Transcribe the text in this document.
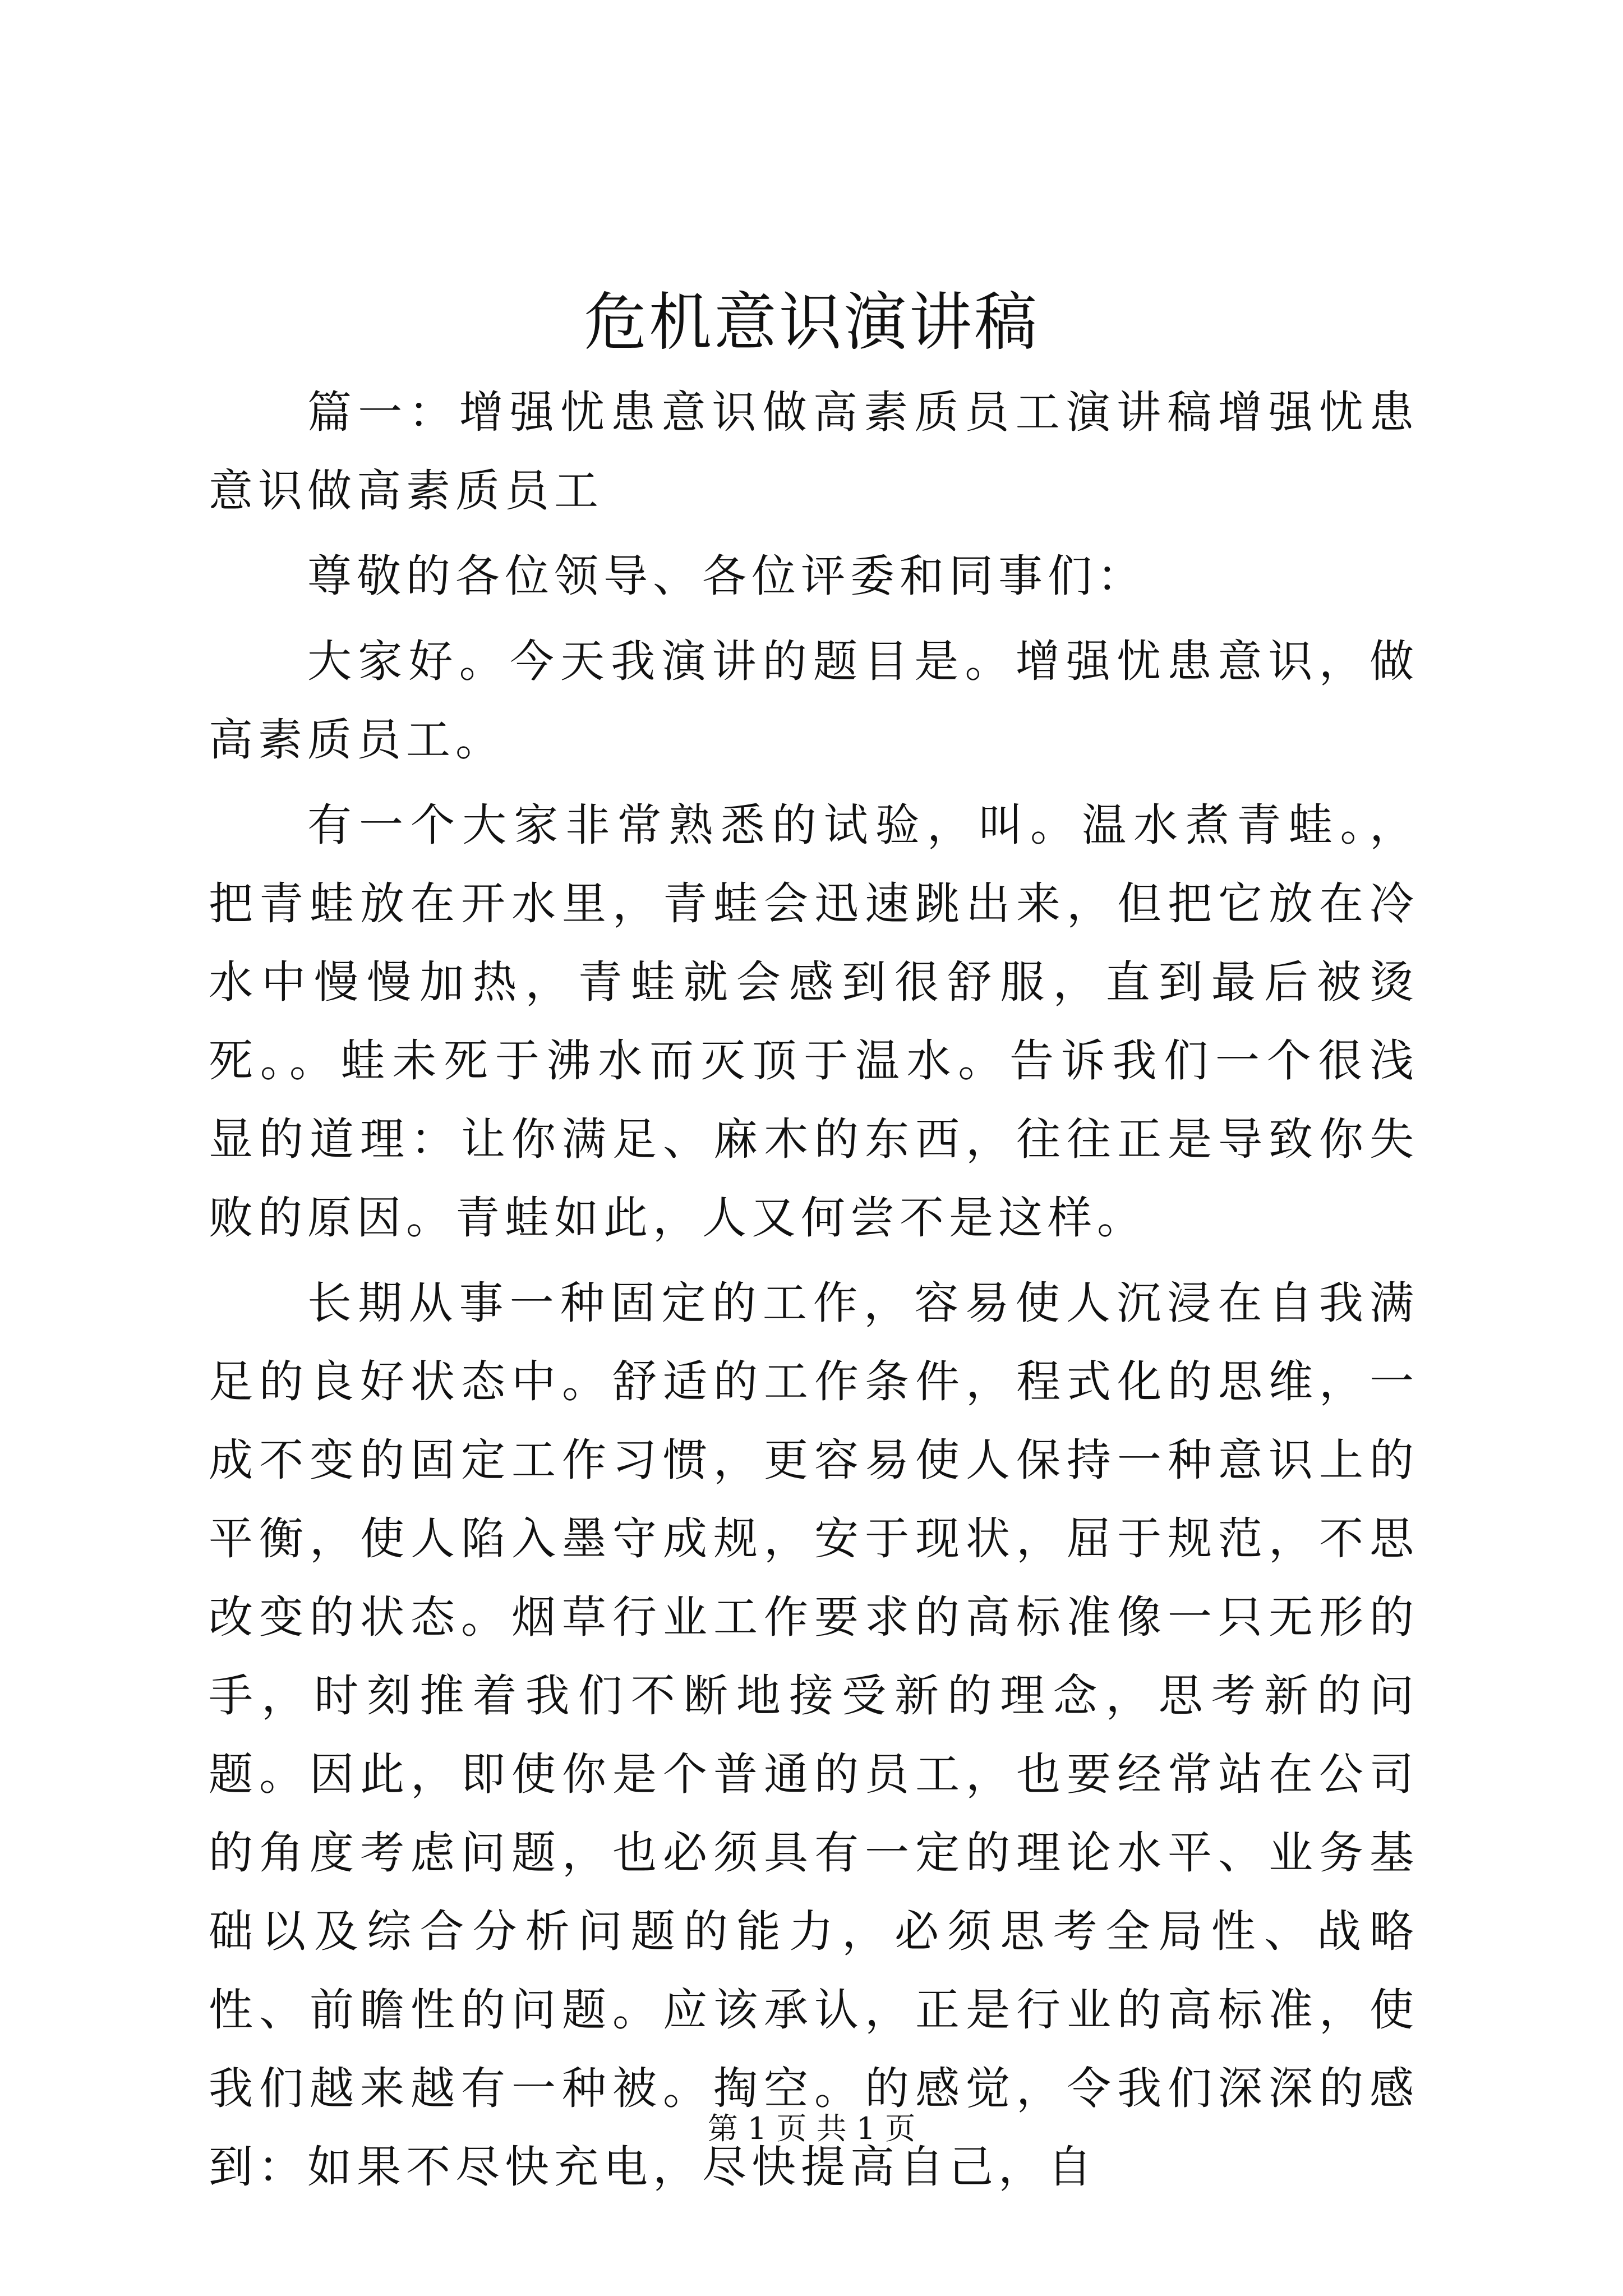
危机意识演讲稿

篇一：增强忧患意识做高素质员工演讲稿增强忧患意识做高素质员工

尊敬的各位领导、各位评委和同事们：

大家好。今天我演讲的题目是。增强忧患意识，做高素质员工。

有一个大家非常熟悉的试验，叫。温水煮青蛙。，把青蛙放在开水里，青蛙会迅速跳出来，但把它放在冷水中慢慢加热，青蛙就会感到很舒服，直到最后被烫死。。蛙未死于沸水而灭顶于温水。告诉我们一个很浅显的道理：让你满足、麻木的东西，往往正是导致你失败的原因。青蛙如此，人又何尝不是这样。

长期从事一种固定的工作，容易使人沉浸在自我满足的良好状态中。舒适的工作条件，程式化的思维，一成不变的固定工作习惯，更容易使人保持一种意识上的平衡，使人陷入墨守成规，安于现状，屈于规范，不思改变的状态。烟草行业工作要求的高标准像一只无形的手，时刻推着我们不断地接受新的理念，思考新的问题。因此，即使你是个普通的员工，也要经常站在公司的角度考虑问题，也必须具有一定的理论水平、业务基础以及综合分析问题的能力，必须思考全局性、战略性、前瞻性的问题。应该承认，正是行业的高标准，使我们越来越有一种被。掏空。的感觉，令我们深深的感到：如果不尽快充电，尽快提高自己，自

第 1 页 共 1 页
